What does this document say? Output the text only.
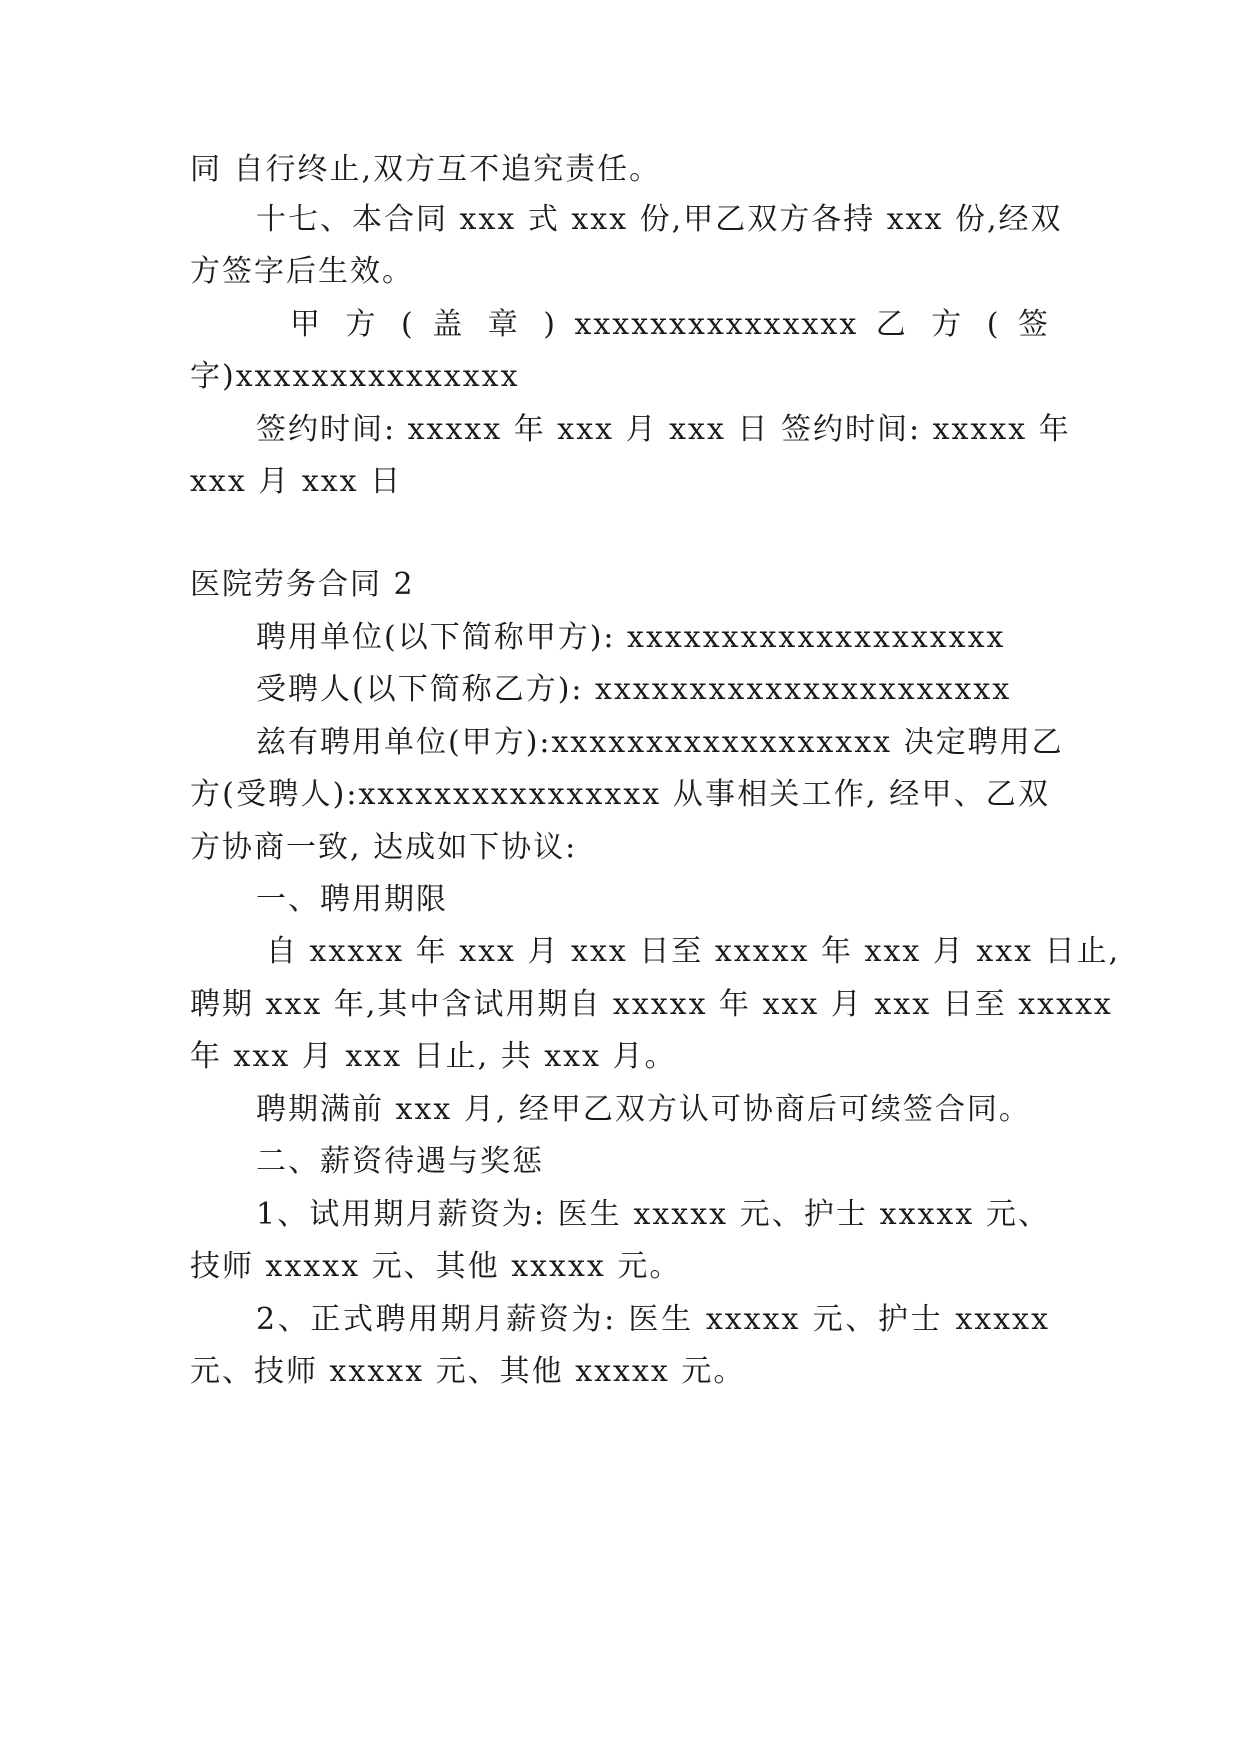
同 自行终止,双方互不追究责任。
十七、本合同 xxx 式 xxx 份,甲乙双方各持 xxx 份,经双
方签字后生效。
甲 方 ( 盖 章 ) xxxxxxxxxxxxxxx 乙 方 ( 签
字)xxxxxxxxxxxxxxx
签约时间: xxxxx 年 xxx 月 xxx 日 签约时间: xxxxx 年
xxx 月 xxx 日
医院劳务合同 2
聘用单位(以下简称甲方): xxxxxxxxxxxxxxxxxxxx
受聘人(以下简称乙方): xxxxxxxxxxxxxxxxxxxxxx
兹有聘用单位(甲方):xxxxxxxxxxxxxxxxxx 决定聘用乙
方(受聘人):xxxxxxxxxxxxxxxx 从事相关工作, 经甲、乙双
方协商一致, 达成如下协议:
一、聘用期限
自 xxxxx 年 xxx 月 xxx 日至 xxxxx 年 xxx 月 xxx 日止,
聘期 xxx 年,其中含试用期自 xxxxx 年 xxx 月 xxx 日至 xxxxx
年 xxx 月 xxx 日止, 共 xxx 月。
聘期满前 xxx 月, 经甲乙双方认可协商后可续签合同。
二、薪资待遇与奖惩
1、试用期月薪资为: 医生 xxxxx 元、护士 xxxxx 元、
技师 xxxxx 元、其他 xxxxx 元。
2、正式聘用期月薪资为: 医生 xxxxx 元、护士 xxxxx
元、技师 xxxxx 元、其他 xxxxx 元。
